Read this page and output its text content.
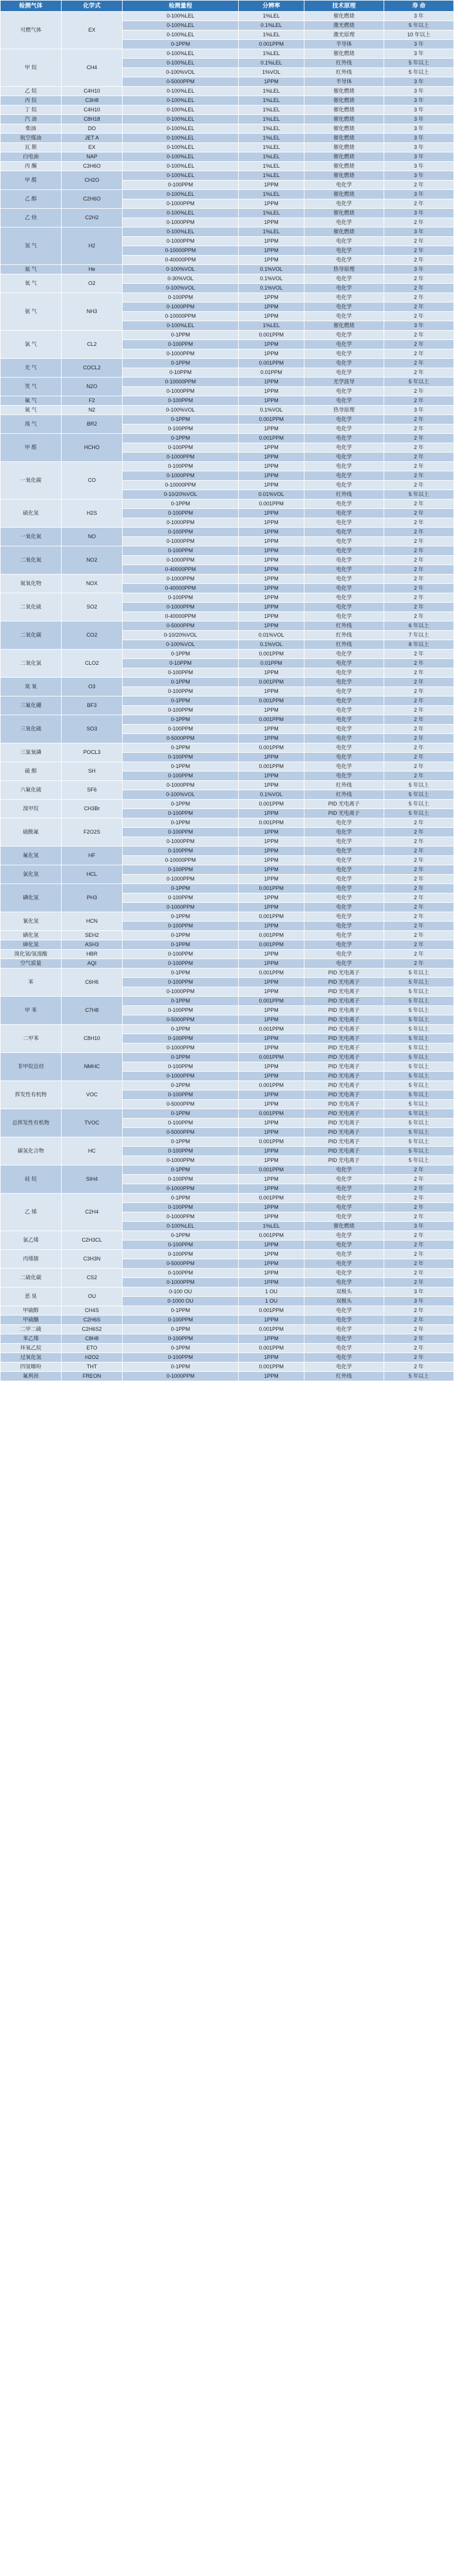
检测气体	化学式	检测量程	分辨率	技术原理	寿 命
可燃气体	EX	0-100%LEL	1%LEL	催化燃烧	3 年
		0-100%LEL	0.1%LEL	激光燃烧	5 年以上
		0-100%LEL	1%LEL	激光原理	10 年以上
		0-1PPM	0.001PPM	半导体	3 年
甲 烷	CH4	0-100%LEL	1%LEL	催化燃烧	3 年
		0-100%LEL	0.1%LEL	红外线	5 年以上
		0-100%VOL	1%VOL	红外线	5 年以上
		0-5000PPM	1PPM	半导体	3 年
乙 烷	C4H10	0-100%LEL	1%LEL	催化燃烧	3 年
丙 烷	C3H8	0-100%LEL	1%LEL	催化燃烧	3 年
丁 烷	C4H10	0-100%LEL	1%LEL	催化燃烧	3 年
汽 油	C8H18	0-100%LEL	1%LEL	催化燃烧	3 年
柴油	DO	0-100%LEL	1%LEL	催化燃烧	3 年
航空煤油	JET A	0-100%LEL	1%LEL	催化燃烧	3 年
瓦 斯	EX	0-100%LEL	1%LEL	催化燃烧	3 年
白电油	NAP	0-100%LEL	1%LEL	催化燃烧	3 年
丙 酮	C3H6O	0-100%LEL	1%LEL	催化燃烧	3 年
甲 醛	CH2O	0-100%LEL	1%LEL	催化燃烧	3 年
		0-100PPM	1PPM	电化学	2 年
乙 醇	C2H6O	0-100%LEL	1%LEL	催化燃烧	3 年
		0-1000PPM	1PPM	电化学	2 年
乙 炔	C2H2	0-100%LEL	1%LEL	催化燃烧	3 年
		0-1000PPM	1PPM	电化学	2 年
氢 气	H2	0-100%LEL	1%LEL	催化燃烧	3 年
		0-1000PPM	1PPM	电化学	2 年
		0-10000PPM	1PPM	电化学	2 年
		0-40000PPM	1PPM	电化学	2 年
氦 气	He	0-100%VOL	0.1%VOL	热导原理	3 年
氧 气	O2	0-30%VOL	0.1%VOL	电化学	2 年
		0-100%VOL	0.1%VOL	电化学	2 年
氨 气	NH3	0-100PPM	1PPM	电化学	2 年
		0-1000PPM	1PPM	电化学	2 年
		0-10000PPM	1PPM	电化学	2 年
		0-100%LEL	1%LEL	催化燃烧	3 年
氯 气	CL2	0-1PPM	0.001PPM	电化学	2 年
		0-100PPM	1PPM	电化学	2 年
		0-1000PPM	1PPM	电化学	2 年
光 气	COCL2	0-1PPM	0.001PPM	电化学	2 年
		0-10PPM	0.01PPM	电化学	2 年
笑 气	N2O	0-10000PPM	1PPM	光学波导	5 年以上
		0-1000PPM	1PPM	电化学	2 年
氟 气	F2	0-100PPM	1PPM	电化学	2 年
氮 气	N2	0-100%VOL	0.1%VOL	热导原理	3 年
溴 气	BR2	0-1PPM	0.001PPM	电化学	2 年
		0-100PPM	1PPM	电化学	2 年
甲 醛	HCHO	0-1PPM	0.001PPM	电化学	2 年
		0-100PPM	1PPM	电化学	2 年
		0-1000PPM	1PPM	电化学	2 年
一氧化碳	CO	0-100PPM	1PPM	电化学	2 年
		0-1000PPM	1PPM	电化学	2 年
		0-10000PPM	1PPM	电化学	2 年
		0-10/20%VOL	0.01%VOL	红外线	5 年以上
硫化氢	H2S	0-1PPM	0.001PPM	电化学	2 年
		0-100PPM	1PPM	电化学	2 年
		0-1000PPM	1PPM	电化学	2 年
一氧化氮	NO	0-100PPM	1PPM	电化学	2 年
		0-1000PPM	1PPM	电化学	2 年
二氧化氮	NO2	0-100PPM	1PPM	电化学	2 年
		0-1000PPM	1PPM	电化学	2 年
		0-40000PPM	1PPM	电化学	2 年
氮氧化物	NOX	0-1000PPM	1PPM	电化学	2 年
		0-40000PPM	1PPM	电化学	2 年
二氧化硫	SO2	0-100PPM	1PPM	电化学	2 年
		0-1000PPM	1PPM	电化学	2 年
		0-40000PPM	1PPM	电化学	2 年
二氧化碳	CO2	0-5000PPM	1PPM	红外线	6 年以上
		0-10/20%VOL	0.01%VOL	红外线	7 年以上
		0-100%VOL	0.1%VOL	红外线	8 年以上
二氧化氯	CLO2	0-1PPM	0.001PPM	电化学	2 年
		0-10PPM	0.01PPM	电化学	2 年
		0-100PPM	1PPM	电化学	2 年
臭 氧	O3	0-1PPM	0.001PPM	电化学	2 年
		0-100PPM	1PPM	电化学	2 年
三氟化硼	BF3	0-1PPM	0.001PPM	电化学	2 年
		0-100PPM	1PPM	电化学	2 年
三氧化硫	SO3	0-1PPM	0.001PPM	电化学	2 年
		0-100PPM	1PPM	电化学	2 年
		0-5000PPM	1PPM	电化学	2 年
三氯氧磷	POCL3	0-1PPM	0.001PPM	电化学	2 年
		0-100PPM	1PPM	电化学	2 年
硫 醇	SH	0-1PPM	0.001PPM	电化学	2 年
		0-100PPM	1PPM	电化学	2 年
六氟化硫	SF6	0-1000PPM	1PPM	红外线	5 年以上
		0-100%VOL	0.1%VOL	红外线	5 年以上
溴甲烷	CH3Br	0-1PPM	0.001PPM	PID 光电离子	5 年以上
		0-100PPM	1PPM	PID 光电离子	5 年以上
硫酰氟	F2O2S	0-1PPM	0.001PPM	电化学	2 年
		0-100PPM	1PPM	电化学	2 年
		0-1000PPM	1PPM	电化学	2 年
氟化氢	HF	0-100PPM	1PPM	电化学	2 年
		0-10000PPM	1PPM	电化学	2 年
氯化氢	HCL	0-100PPM	1PPM	电化学	2 年
		0-1000PPM	1PPM	电化学	2 年
磷化氢	PH3	0-1PPM	0.001PPM	电化学	2 年
		0-100PPM	1PPM	电化学	2 年
		0-1000PPM	1PPM	电化学	2 年
氰化氢	HCN	0-1PPM	0.001PPM	电化学	2 年
		0-100PPM	1PPM	电化学	2 年
硒化氢	SEH2	0-1PPM	0.001PPM	电化学	2 年
砷化氢	ASH3	0-1PPM	0.001PPM	电化学	2 年
溴化氢/氢溴酸	HBR	0-100PPM	1PPM	电化学	2 年
空气质量	AQI	0-100PPM	1PPM	电化学	2 年
苯	C6H6	0-1PPM	0.001PPM	PID 光电离子	5 年以上
		0-100PPM	1PPM	PID 光电离子	5 年以上
		0-1000PPM	1PPM	PID 光电离子	5 年以上
甲 苯	C7H8	0-1PPM	0.001PPM	PID 光电离子	5 年以上
		0-100PPM	1PPM	PID 光电离子	5 年以上
		0-5000PPM	1PPM	PID 光电离子	5 年以上
二甲苯	C8H10	0-1PPM	0.001PPM	PID 光电离子	5 年以上
		0-100PPM	1PPM	PID 光电离子	5 年以上
		0-1000PPM	1PPM	PID 光电离子	5 年以上
非甲烷总烃	NMHC	0-1PPM	0.001PPM	PID 光电离子	5 年以上
		0-100PPM	1PPM	PID 光电离子	5 年以上
		0-1000PPM	1PPM	PID 光电离子	5 年以上
挥发性有机物	VOC	0-1PPM	0.001PPM	PID 光电离子	5 年以上
		0-100PPM	1PPM	PID 光电离子	5 年以上
		0-5000PPM	1PPM	PID 光电离子	5 年以上
总挥发性有机物	TVOC	0-1PPM	0.001PPM	PID 光电离子	5 年以上
		0-100PPM	1PPM	PID 光电离子	5 年以上
		0-5000PPM	1PPM	PID 光电离子	5 年以上
碳氢化合物	HC	0-1PPM	0.001PPM	PID 光电离子	5 年以上
		0-100PPM	1PPM	PID 光电离子	5 年以上
		0-1000PPM	1PPM	PID 光电离子	5 年以上
硅 烷	SIH4	0-1PPM	0.001PPM	电化学	2 年
		0-100PPM	1PPM	电化学	2 年
		0-1000PPM	1PPM	电化学	2 年
乙 烯	C2H4	0-1PPM	0.001PPM	电化学	2 年
		0-100PPM	1PPM	电化学	2 年
		0-1000PPM	1PPM	电化学	2 年
		0-100%LEL	1%LEL	催化燃烧	3 年
氯乙烯	C2H3CL	0-1PPM	0.001PPM	电化学	2 年
		0-100PPM	1PPM	电化学	2 年
丙烯腈	C3H3N	0-100PPM	1PPM	电化学	2 年
		0-5000PPM	1PPM	电化学	2 年
二硫化碳	CS2	0-100PPM	1PPM	电化学	2 年
		0-1000PPM	1PPM	电化学	2 年
恶 臭	OU	0-100 OU	1 OU	双极头	3 年
		0-1000 OU	1 OU	双极头	3 年
甲硫醇	CH4S	0-1PPM	0.001PPM	电化学	2 年
甲硫醚	C2H6S	0-100PPM	1PPM	电化学	2 年
二甲二硫	C2H6S2	0-1PPM	0.001PPM	电化学	2 年
苯乙烯	C8H8	0-100PPM	1PPM	电化学	2 年
环氧乙烷	ETO	0-1PPM	0.001PPM	电化学	2 年
过氧化氢	H2O2	0-100PPM	1PPM	电化学	2 年
四氢噻吩	THT	0-1PPM	0.001PPM	电化学	2 年
氟利昂	FREON	0-1000PPM	1PPM	红外线	5 年以上
